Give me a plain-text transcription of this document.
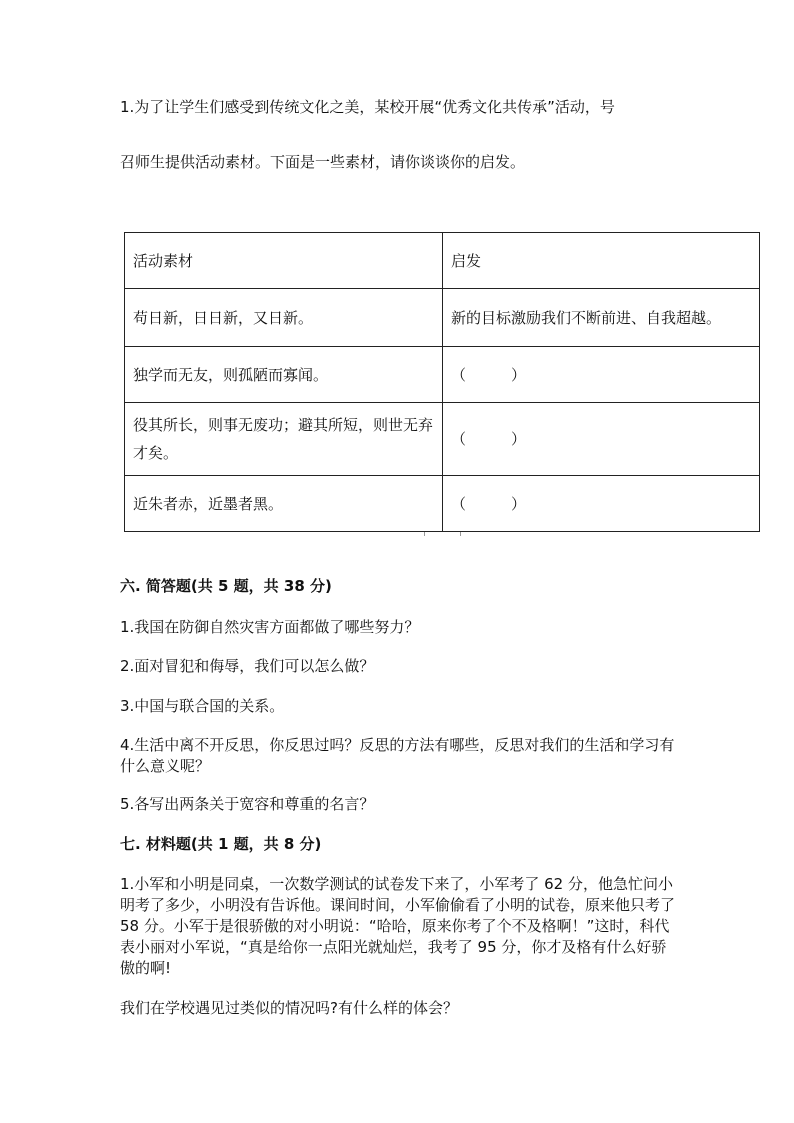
1.为了让学生们感受到传统文化之美，某校开展“优秀文化共传承”活动，号
召师生提供活动素材。下面是一些素材，请你谈谈你的启发。
活动素材	启发
苟日新，日日新，又日新。	新的目标激励我们不断前进、自我超越。
独学而无友，则孤陋而寡闻。	（　　　）
役其所长，则事无废功；避其所短，则世无弃才矣。	（　　　）
近朱者赤，近墨者黑。	（　　　）
六. 简答题(共 5 题，共 38 分)
1.我国在防御自然灾害方面都做了哪些努力？
2.面对冒犯和侮辱，我们可以怎么做？
3.中国与联合国的关系。
4.生活中离不开反思，你反思过吗？反思的方法有哪些，反思对我们的生活和学习有什么意义呢？
5.各写出两条关于宽容和尊重的名言？
七. 材料题(共 1 题，共 8 分)
1.小军和小明是同桌，一次数学测试的试卷发下来了，小军考了 62 分，他急忙问小明考了多少，小明没有告诉他。课间时间，小军偷偷看了小明的试卷，原来他只考了 58 分。小军于是很骄傲的对小明说：“哈哈，原来你考了个不及格啊！”这时，科代表小丽对小军说，“真是给你一点阳光就灿烂，我考了 95 分，你才及格有什么好骄傲的啊!
我们在学校遇见过类似的情况吗?有什么样的体会？
